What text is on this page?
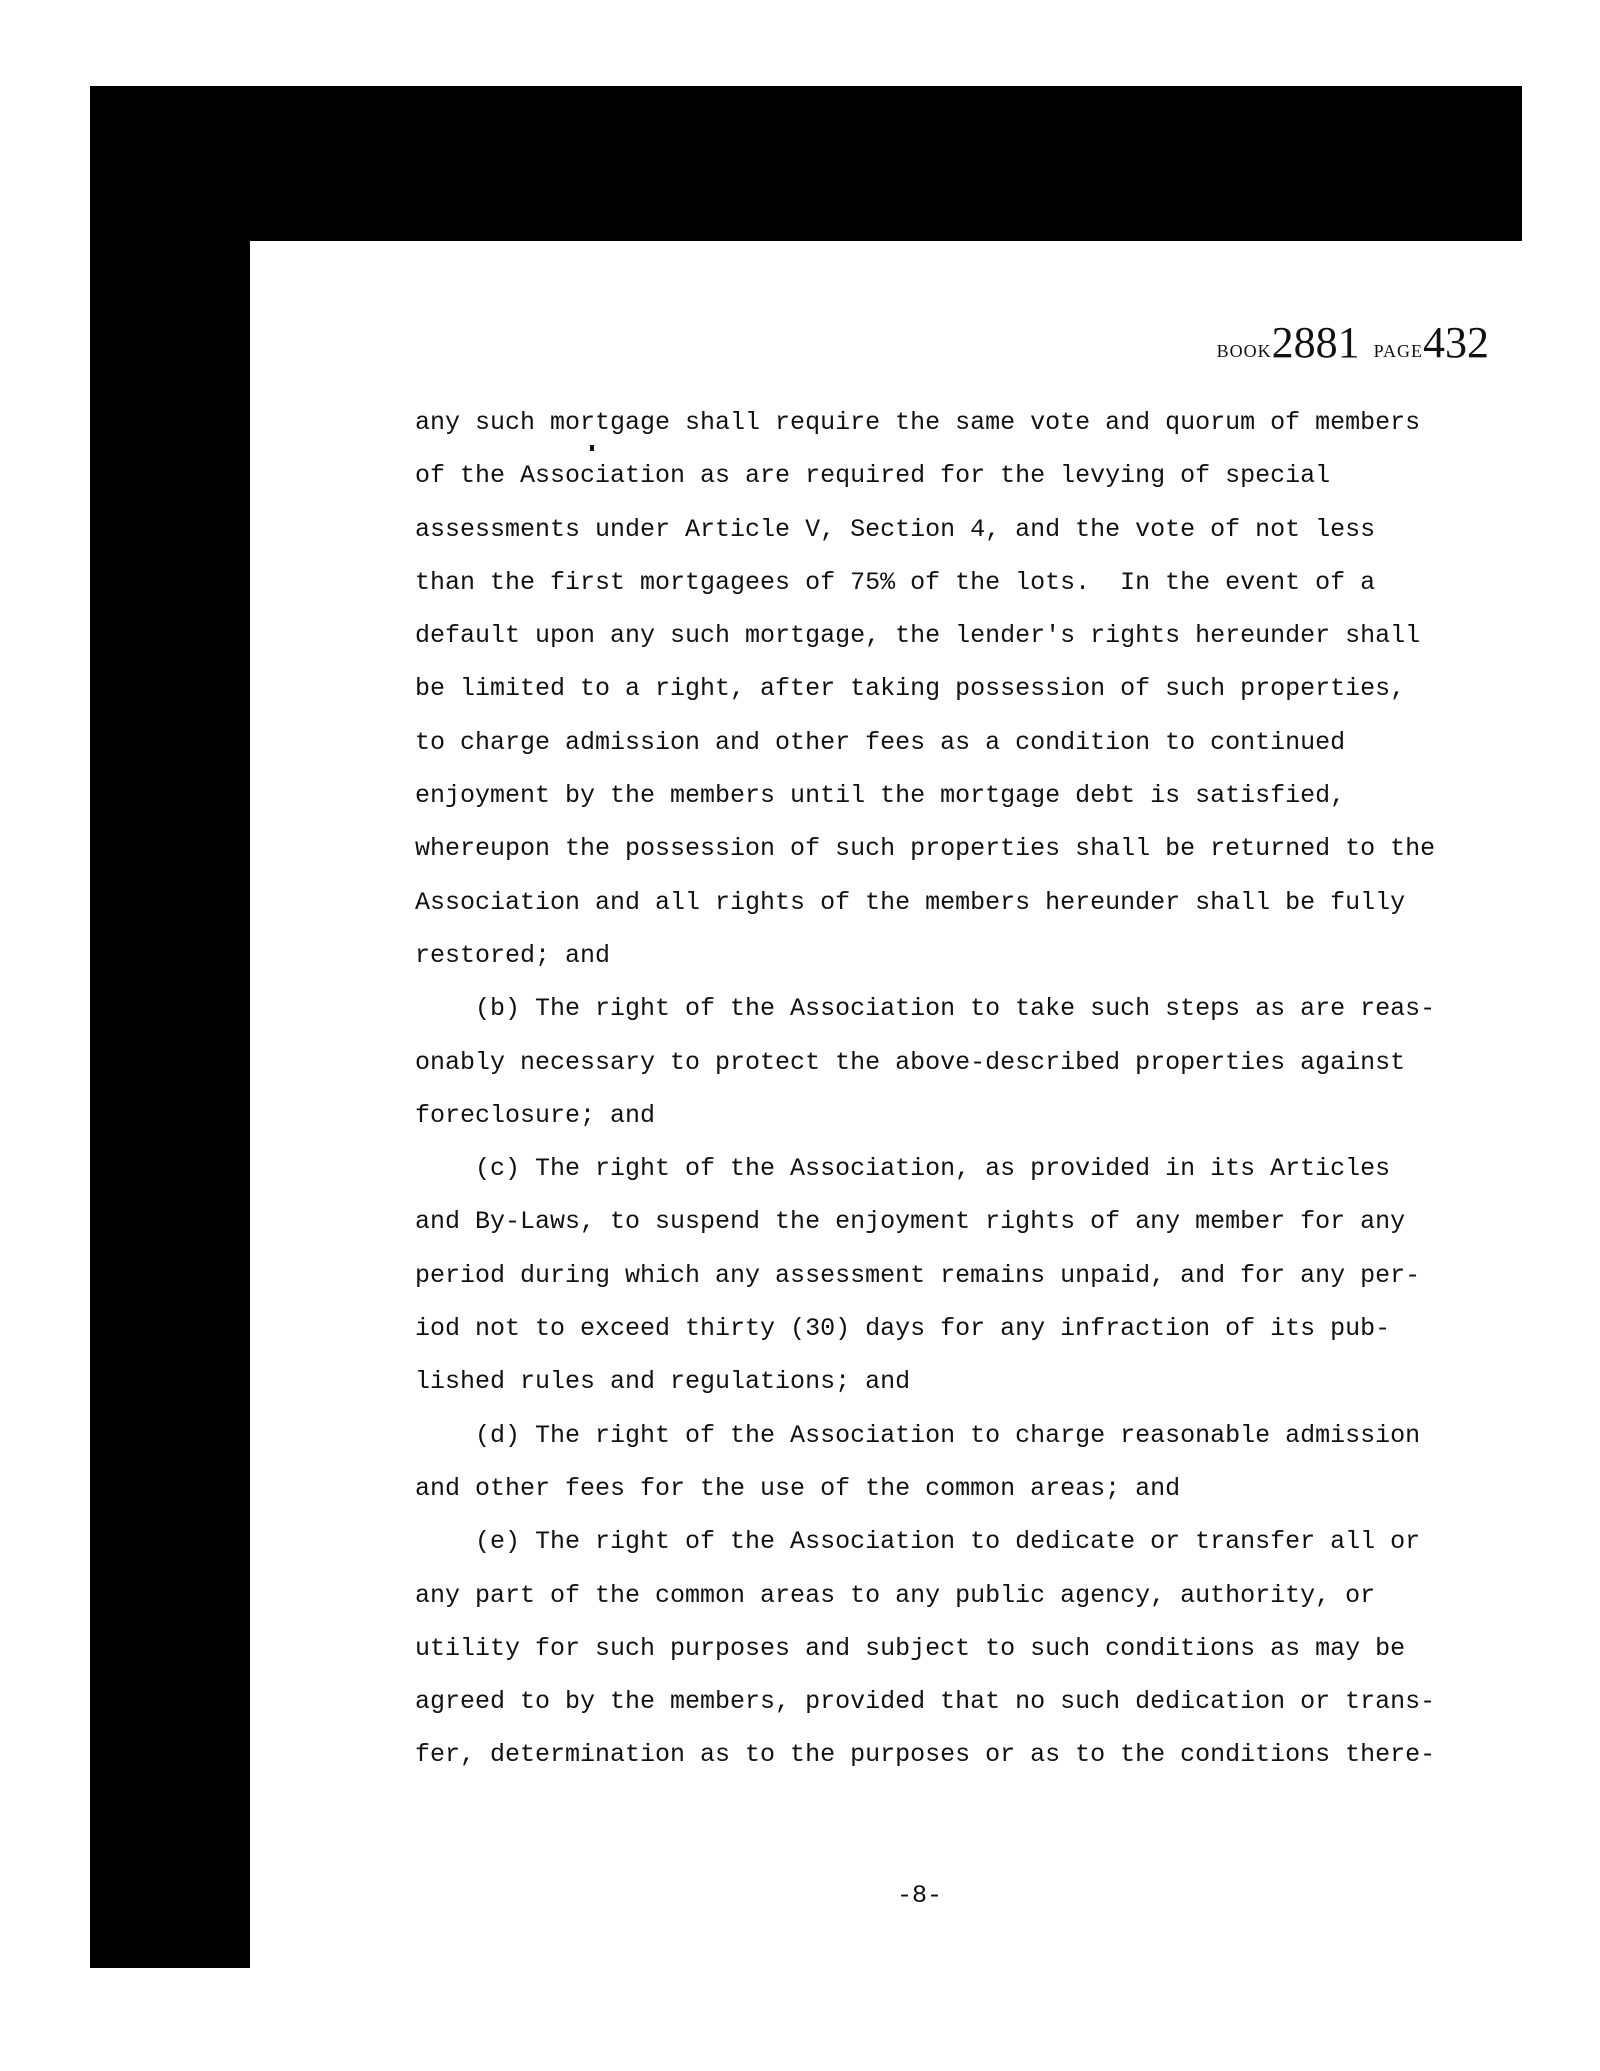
BOOK2881 PAGE432
any such mortgage shall require the same vote and quorum of members
of the Association as are required for the levying of special
assessments under Article V, Section 4, and the vote of not less
than the first mortgagees of 75% of the lots.  In the event of a
default upon any such mortgage, the lender's rights hereunder shall
be limited to a right, after taking possession of such properties,
to charge admission and other fees as a condition to continued
enjoyment by the members until the mortgage debt is satisfied,
whereupon the possession of such properties shall be returned to the
Association and all rights of the members hereunder shall be fully
restored; and
(b) The right of the Association to take such steps as are reas-
onably necessary to protect the above-described properties against
foreclosure; and
(c) The right of the Association, as provided in its Articles
and By-Laws, to suspend the enjoyment rights of any member for any
period during which any assessment remains unpaid, and for any per-
iod not to exceed thirty (30) days for any infraction of its pub-
lished rules and regulations; and
(d) The right of the Association to charge reasonable admission
and other fees for the use of the common areas; and
(e) The right of the Association to dedicate or transfer all or
any part of the common areas to any public agency, authority, or
utility for such purposes and subject to such conditions as may be
agreed to by the members, provided that no such dedication or trans-
fer, determination as to the purposes or as to the conditions there-
-8-
